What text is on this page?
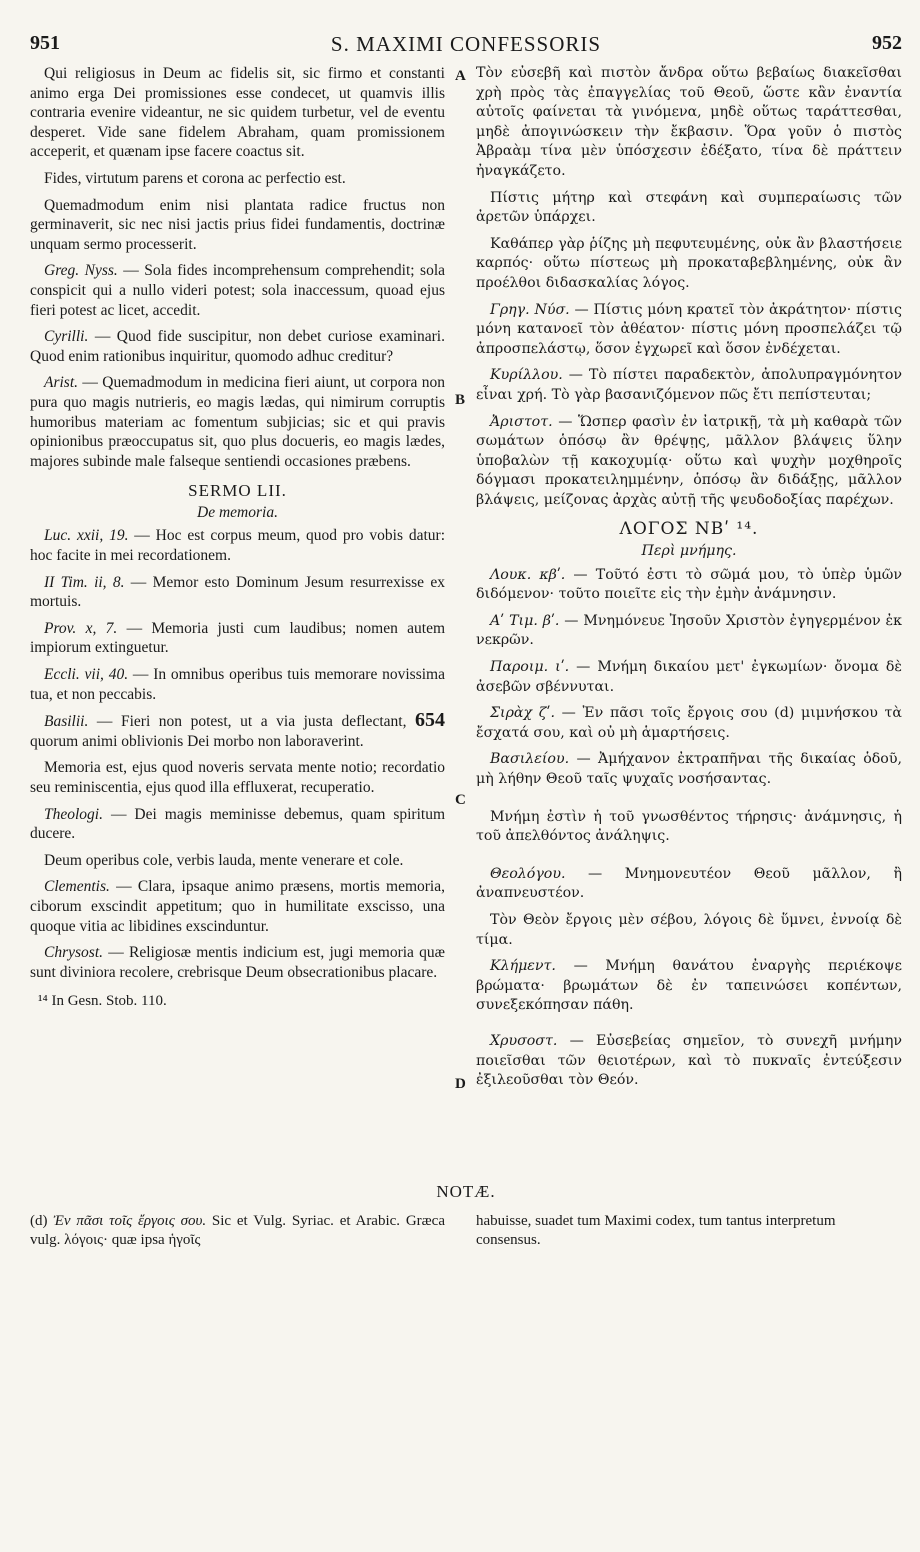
951	S. MAXIMI CONFESSORIS	952

Qui religiosus in Deum ac fidelis sit, sic firmo et constanti animo erga Dei promissiones esse condecet, ut quamvis illis contraria evenire videantur, ne sic quidem turbetur, vel de eventu desperet. Vide sane fidelem Abraham, quam promissionem acceperit, et quænam ipse facere coactus sit.

Fides, virtutum parens et corona ac perfectio est.

Quemadmodum enim nisi plantata radice fructus non germinaverit, sic nec nisi jactis prius fidei fundamentis, doctrinæ unquam sermo processerit.

Greg. Nyss. — Sola fides incomprehensum comprehendit; sola conspicit qui a nullo videri potest; sola inaccessum, quoad ejus fieri potest ac licet, accedit.

Cyrilli. — Quod fide suscipitur, non debet curiose examinari. Quod enim rationibus inquiritur, quomodo adhuc creditur?

Arist. — Quemadmodum in medicina fieri aiunt, ut corpora non pura quo magis nutrieris, eo magis lædas, qui nimirum corruptis humoribus materiam ac fomentum subjicias; sic et qui pravis opinionibus præoccupatus sit, quo plus docueris, eo magis lædes, majores subinde male falseque sentiendi occasiones præbens.

SERMO LII.
De memoria.

Luc. xxii, 19. — Hoc est corpus meum, quod pro vobis datur: hoc facite in mei recordationem.

II Tim. ii, 8. — Memor esto Dominum Jesum resurrexisse ex mortuis.

Prov. x, 7. — Memoria justi cum laudibus; nomen autem impiorum extinguetur.

Eccli. vii, 40. — In omnibus operibus tuis memorare novissima tua, et non peccabis.

Basilii. — Fieri non potest, ut a via justa deflectant, 654 quorum animi oblivionis Dei morbo non laboraverint.

Memoria est, ejus quod noveris servata mente notio; recordatio seu reminiscentia, ejus quod illa effluxerat, recuperatio.

Theologi. — Dei magis meminisse debemus, quam spiritum ducere.

Deum operibus cole, verbis lauda, mente venerare et cole.

Clementis. — Clara, ipsaque animo præsens, mortis memoria, ciborum exscindit appetitum; quo in humilitate exscisso, una quoque vitia ac libidines exscinduntur.

Chrysost. — Religiosæ mentis indicium est, jugi memoria quæ sunt diviniora recolere, crebrisque Deum obsecrationibus placare.

¹⁴ In Gesn. Stob. 110.
A
B
C
D

Τὸν εὐσεβῆ καὶ πιστὸν ἄνδρα οὕτω βεβαίως διακεῖσθαι χρὴ πρὸς τὰς ἐπαγγελίας τοῦ Θεοῦ, ὥστε κἂν ἐναντία αὐτοῖς φαίνεται τὰ γινόμενα, μηδὲ οὕτως ταράττεσθαι, μηδὲ ἀπογινώσκειν τὴν ἔκβασιν. Ὅρα γοῦν ὁ πιστὸς Ἀβραὰμ τίνα μὲν ὑπόσχεσιν ἐδέξατο, τίνα δὲ πράττειν ἠναγκάζετο.

Πίστις μήτηρ καὶ στεφάνη καὶ συμπεραίωσις τῶν ἀρετῶν ὑπάρχει.

Καθάπερ γὰρ ῥίζης μὴ πεφυτευμένης, οὐκ ἂν βλαστήσειε καρπός· οὕτω πίστεως μὴ προκαταβεβλημένης, οὐκ ἂν προέλθοι διδασκαλίας λόγος.

Γρηγ. Νύσ. — Πίστις μόνη κρατεῖ τὸν ἀκράτητον· πίστις μόνη κατανοεῖ τὸν ἀθέατον· πίστις μόνη προσπελάζει τῷ ἀπροσπελάστῳ, ὅσον ἐγχωρεῖ καὶ ὅσον ἐνδέχεται.

Κυρίλλου. — Τὸ πίστει παραδεκτὸν, ἀπολυπραγμόνητον εἶναι χρή. Τὸ γὰρ βασανιζόμενον πῶς ἔτι πεπίστευται;

Ἀριστοτ. — Ὥσπερ φασὶν ἐν ἰατρικῇ, τὰ μὴ καθαρὰ τῶν σωμάτων ὁπόσῳ ἂν θρέψῃς, μᾶλλον βλάψεις ὕλην ὑποβαλὼν τῇ κακοχυμίᾳ· οὕτω καὶ ψυχὴν μοχθηροῖς δόγμασι προκατειλημμένην, ὁπόσῳ ἂν διδάξῃς, μᾶλλον βλάψεις, μείζονας ἀρχὰς αὐτῇ τῆς ψευδοδοξίας παρέχων.

ΛΟΓΟΣ ΝΒʹ ¹⁴.
Περὶ μνήμης.

Λουκ. κβʹ. — Τοῦτό ἐστι τὸ σῶμά μου, τὸ ὑπὲρ ὑμῶν διδόμενον· τοῦτο ποιεῖτε εἰς τὴν ἐμὴν ἀνάμνησιν.

Αʹ Τιμ. βʹ. — Μνημόνευε Ἰησοῦν Χριστὸν ἐγηγερμένον ἐκ νεκρῶν.

Παροιμ. ιʹ. — Μνήμη δικαίου μετ' ἐγκωμίων· ὄνομα δὲ ἀσεβῶν σβέννυται.

Σιρὰχ ζʹ. — Ἐν πᾶσι τοῖς ἔργοις σου (d) μιμνήσκου τὰ ἔσχατά σου, καὶ οὐ μὴ ἁμαρτήσεις.

Βασιλείου. — Ἀμήχανον ἐκτραπῆναι τῆς δικαίας ὁδοῦ, μὴ λήθην Θεοῦ ταῖς ψυχαῖς νοσήσαντας.

Μνήμη ἐστὶν ἡ τοῦ γνωσθέντος τήρησις· ἀνάμνησις, ἡ τοῦ ἀπελθόντος ἀνάληψις.

Θεολόγου. — Μνημονευτέον Θεοῦ μᾶλλον, ἢ ἀναπνευστέον.

Τὸν Θεὸν ἔργοις μὲν σέβου, λόγοις δὲ ὕμνει, ἐννοίᾳ δὲ τίμα.

Κλήμεντ. — Μνήμη θανάτου ἐναργὴς περιέκοψε βρώματα· βρωμάτων δὲ ἐν ταπεινώσει κοπέντων, συνεξεκόπησαν πάθη.

Χρυσοστ. — Εὐσεβείας σημεῖον, τὸ συνεχῆ μνήμην ποιεῖσθαι τῶν θειοτέρων, καὶ τὸ πυκναῖς ἐντεύξεσιν ἐξιλεοῦσθαι τὸν Θεόν.

NOTÆ.
(d) Ἐν πᾶσι τοῖς ἔργοις σου. Sic et Vulg. Syriac. et Arabic. Græca vulg. λόγοις· quæ ipsa ἡγοῖς
habuisse, suadet tum Maximi codex, tum tantus interpretum consensus.
